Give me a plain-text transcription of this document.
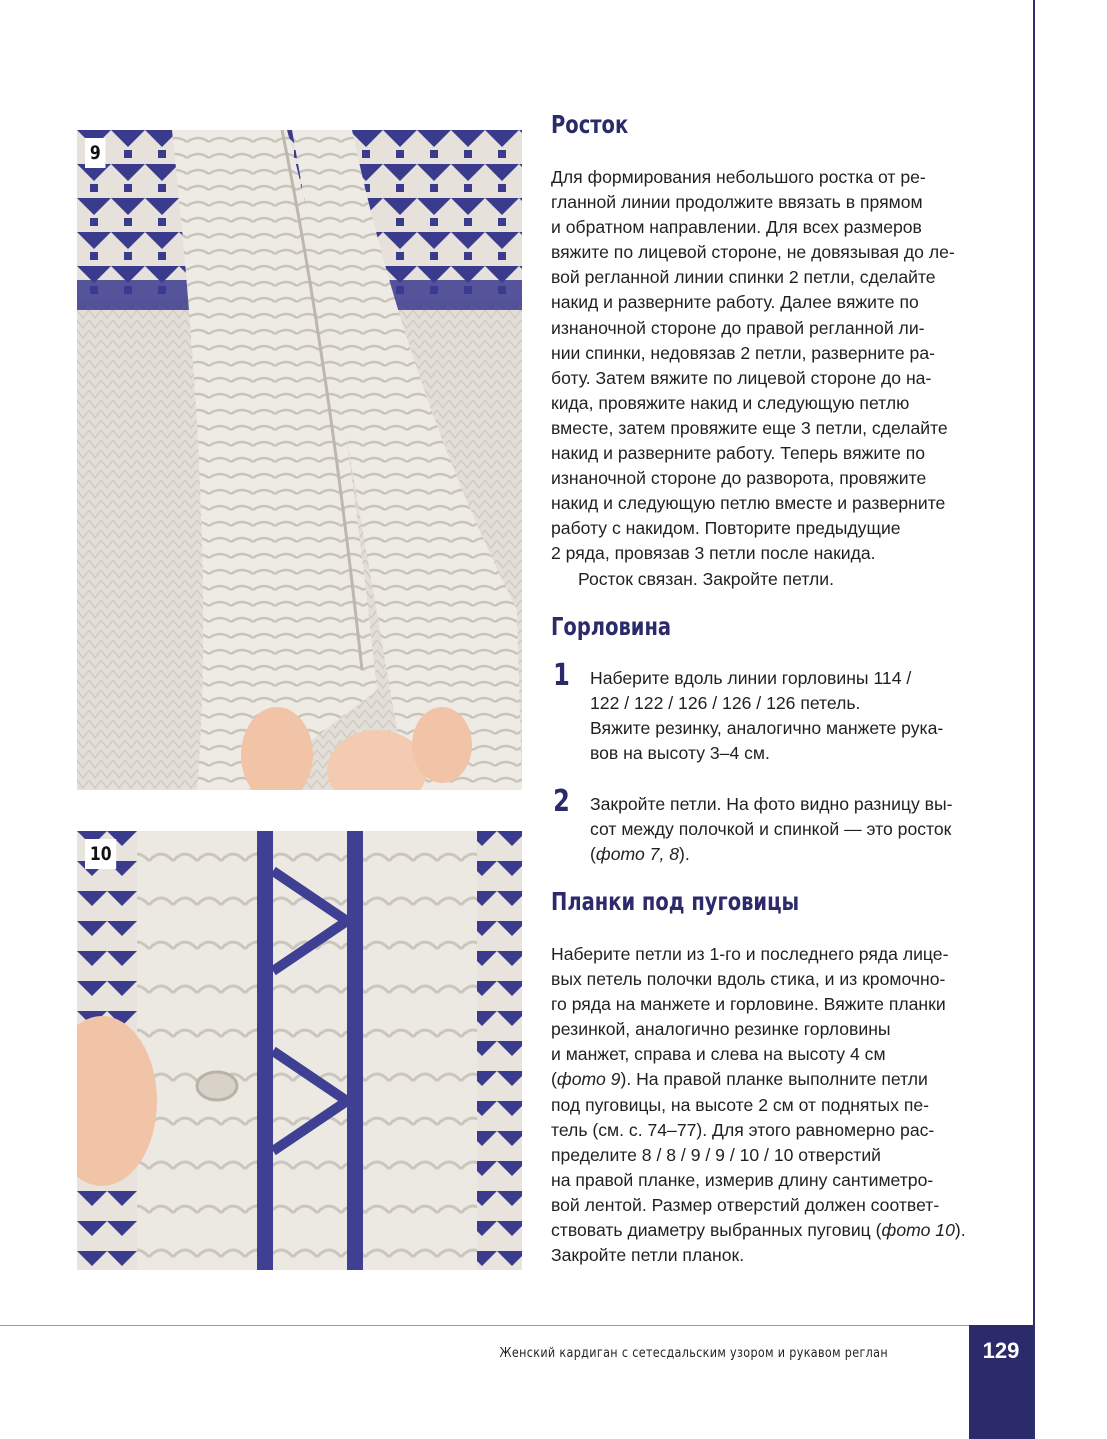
9
10
Росток

Для формирования небольшого ростка от ре-
гланной линии продолжите ввязать в прямом
и обратном направлении. Для всех размеров
вяжите по лицевой стороне, не довязывая до ле-
вой регланной линии спинки 2 петли, сделайте
накид и разверните работу. Далее вяжите по
изнаночной стороне до правой регланной ли-
нии спинки, недовязав 2 петли, разверните ра-
боту. Затем вяжите по лицевой стороне до на-
кида, провяжите накид и следующую петлю
вместе, затем провяжите еще 3 петли, сделайте
накид и разверните работу. Теперь вяжите по
изнаночной стороне до разворота, провяжите
накид и следующую петлю вместе и разверните
работу с накидом. Повторите предыдущие
2 ряда, провязав 3 петли после накида.
Росток связан. Закройте петли.

Горловина
1 Наберите вдоль линии горловины 114 /
122 / 122 / 126 / 126 / 126 петель.
Вяжите резинку, аналогично манжете рука-
вов на высоту 3–4 см.
2 Закройте петли. На фото видно разницу вы-
сот между полочкой и спинкой — это росток
(фото 7, 8).
Планки под пуговицы

Наберите петли из 1-го и последнего ряда лице-
вых петель полочки вдоль стика, и из кромочно-
го ряда на манжете и горловине. Вяжите планки
резинкой, аналогично резинке горловины
и манжет, справа и слева на высоту 4 см
(фото 9). На правой планке выполните петли
под пуговицы, на высоте 2 см от поднятых пе-
тель (см. с. 74–77). Для этого равномерно рас-
пределите 8 / 8 / 9 / 9 / 10 / 10 отверстий
на правой планке, измерив длину сантиметро-
вой лентой. Размер отверстий должен соответ-
ствовать диаметру выбранных пуговиц (фото 10).
Закройте петли планок.

Женский кардиган с сетесдальским узором и рукавом реглан	129
